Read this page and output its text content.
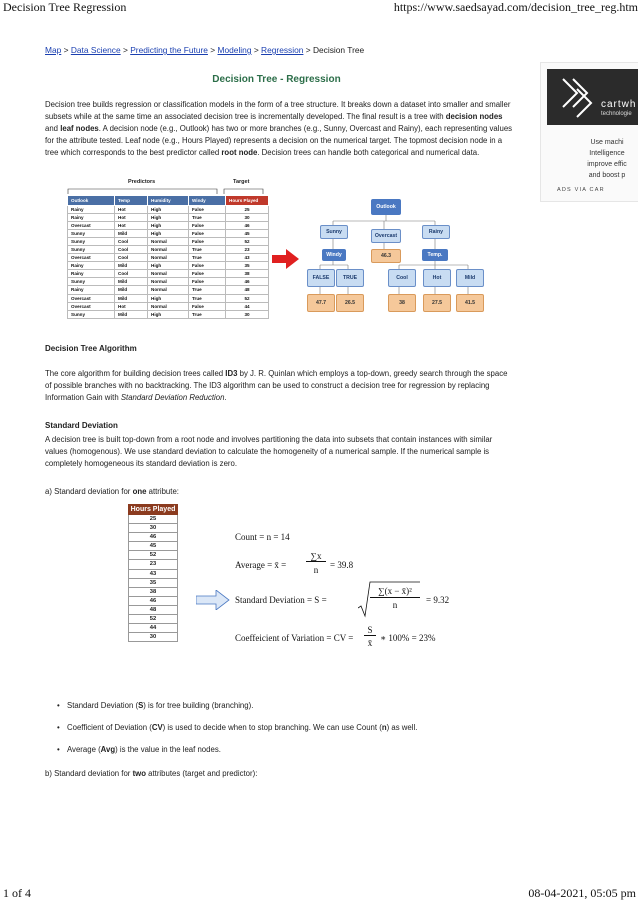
Decision Tree Regression	https://www.saedsayad.com/decision_tree_reg.htm
1 of 4	08-04-2021, 05:05 pm
Map > Data Science > Predicting the Future > Modeling > Regression > Decision Tree
Decision Tree - Regression
Decision tree builds regression or classification models in the form of a tree structure. It breaks down a dataset into smaller and smaller subsets while at the same time an associated decision tree is incrementally developed. The final result is a tree with decision nodes and leaf nodes. A decision node (e.g., Outlook) has two or more branches (e.g., Sunny, Overcast and Rainy), each representing values for the attribute tested. Leaf node (e.g., Hours Played) represents a decision on the numerical target. The topmost decision node in a tree which corresponds to the best predictor called root node. Decision trees can handle both categorical and numerical data.
Predictors	Target
Outlook	Temp	Humidity	Windy	Hours Played
Rainy	Hot	High	False	25
Rainy	Hot	High	True	30
Overcast	Hot	High	False	46
Sunny	Mild	High	False	45
Sunny	Cool	Normal	False	52
Sunny	Cool	Normal	True	23
Overcast	Cool	Normal	True	43
Rainy	Mild	High	False	35
Rainy	Cool	Normal	False	38
Sunny	Mild	Normal	False	46
Rainy	Mild	Normal	True	48
Overcast	Mild	High	True	52
Overcast	Hot	Normal	False	44
Sunny	Mild	High	True	30
Outlook
Sunny
Overcast
Rainy
Windy	46.3	Temp.
FALSE	TRUE	Cool	Hot	Mild
47.7	26.5	38	27.5	41.5
Decision Tree Algorithm
The core algorithm for building decision trees called ID3 by J. R. Quinlan which employs a top-down, greedy search through the space of possible branches with no backtracking. The ID3 algorithm can be used to construct a decision tree for regression by replacing Information Gain with Standard Deviation Reduction.
Standard Deviation
A decision tree is built top-down from a root node and involves partitioning the data into subsets that contain instances with similar values (homogenous). We use standard deviation to calculate the homogeneity of a numerical sample. If the numerical sample is completely homogeneous its standard deviation is zero.
a) Standard deviation for one attribute:
Hours Played
25
30
46
45
52
23
43
35
38
46
48
52
44
30
Count = n = 14
Average = x̄ =
∑x
n	= 39.8
Standard Deviation = S =
∑(x − x̄)²
n	= 9.32
Coeffeicient of Variation = CV =
S
x̄ ∗ 100% = 23%
• Standard Deviation (S) is for tree building (branching).
• Coefficient of Deviation (CV) is used to decide when to stop branching. We can use Count (n) as well.
• Average (Avg) is the value in the leaf nodes.
b) Standard deviation for two attributes (target and predictor):
cartwh
technologie
Use machi
Intelligence
improve effic
and boost p
ADS VIA CAR
